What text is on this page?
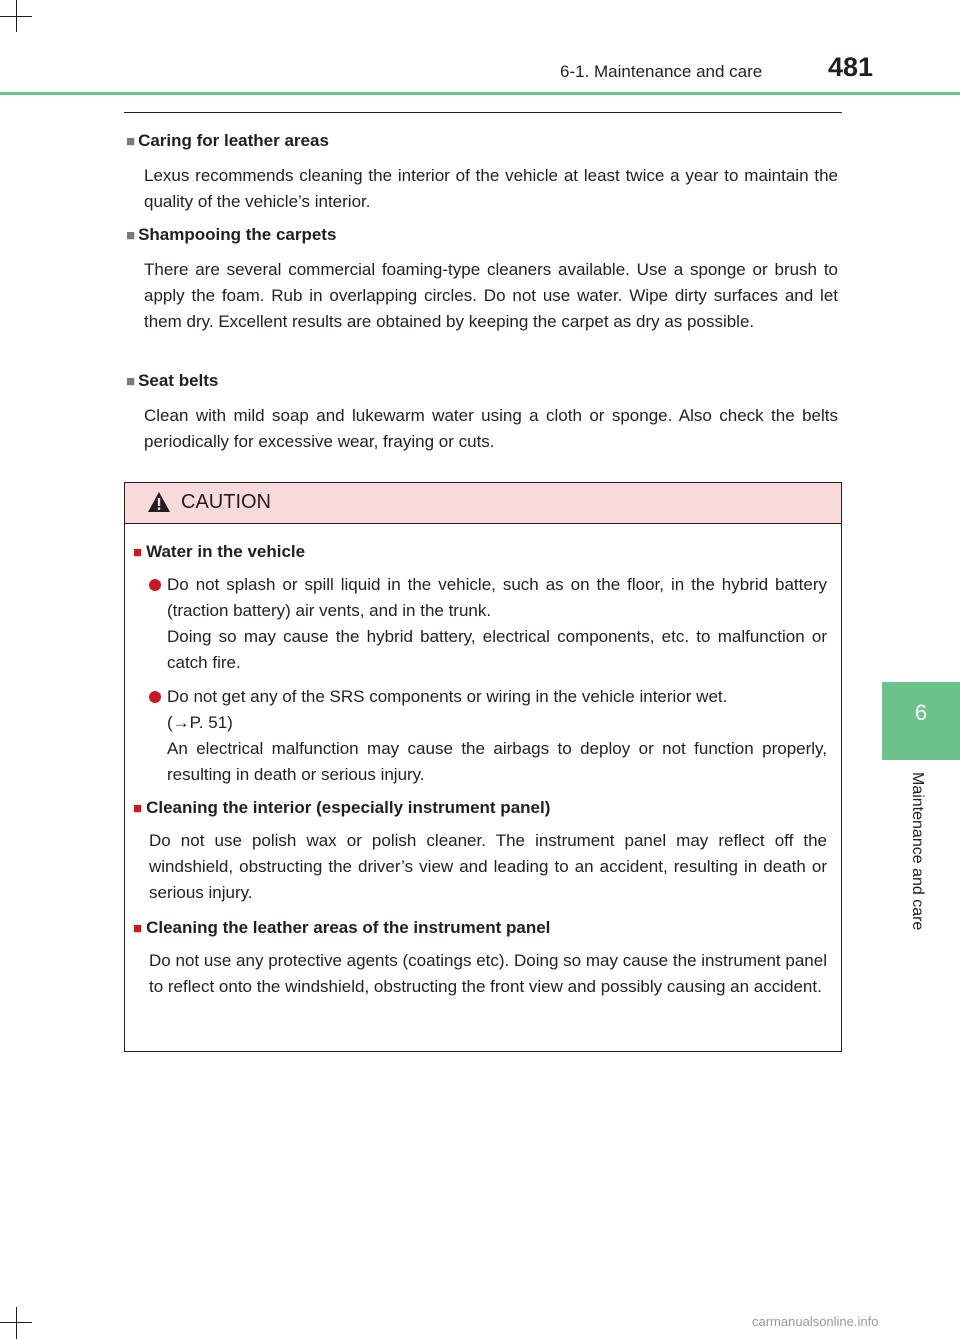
6-1. Maintenance and care 481
6
Maintenance and care
■ Caring for leather areas
Lexus recommends cleaning the interior of the vehicle at least twice a year to maintain the quality of the vehicle’s interior.
■ Shampooing the carpets
There are several commercial foaming-type cleaners available. Use a sponge or brush to apply the foam. Rub in overlapping circles. Do not use water. Wipe dirty surfaces and let them dry. Excellent results are obtained by keeping the carpet as dry as possible.
■ Seat belts
Clean with mild soap and lukewarm water using a cloth or sponge. Also check the belts periodically for excessive wear, fraying or cuts.
CAUTION
■ Water in the vehicle
Do not splash or spill liquid in the vehicle, such as on the floor, in the hybrid battery (traction battery) air vents, and in the trunk.
Doing so may cause the hybrid battery, electrical components, etc. to malfunction or catch fire.
Do not get any of the SRS components or wiring in the vehicle interior wet.
(→P. 51)
An electrical malfunction may cause the airbags to deploy or not function properly, resulting in death or serious injury.
■ Cleaning the interior (especially instrument panel)
Do not use polish wax or polish cleaner. The instrument panel may reflect off the windshield, obstructing the driver’s view and leading to an accident, resulting in death or serious injury.
■ Cleaning the leather areas of the instrument panel
Do not use any protective agents (coatings etc). Doing so may cause the instrument panel to reflect onto the windshield, obstructing the front view and possibly causing an accident.
carmanualsonline.info
